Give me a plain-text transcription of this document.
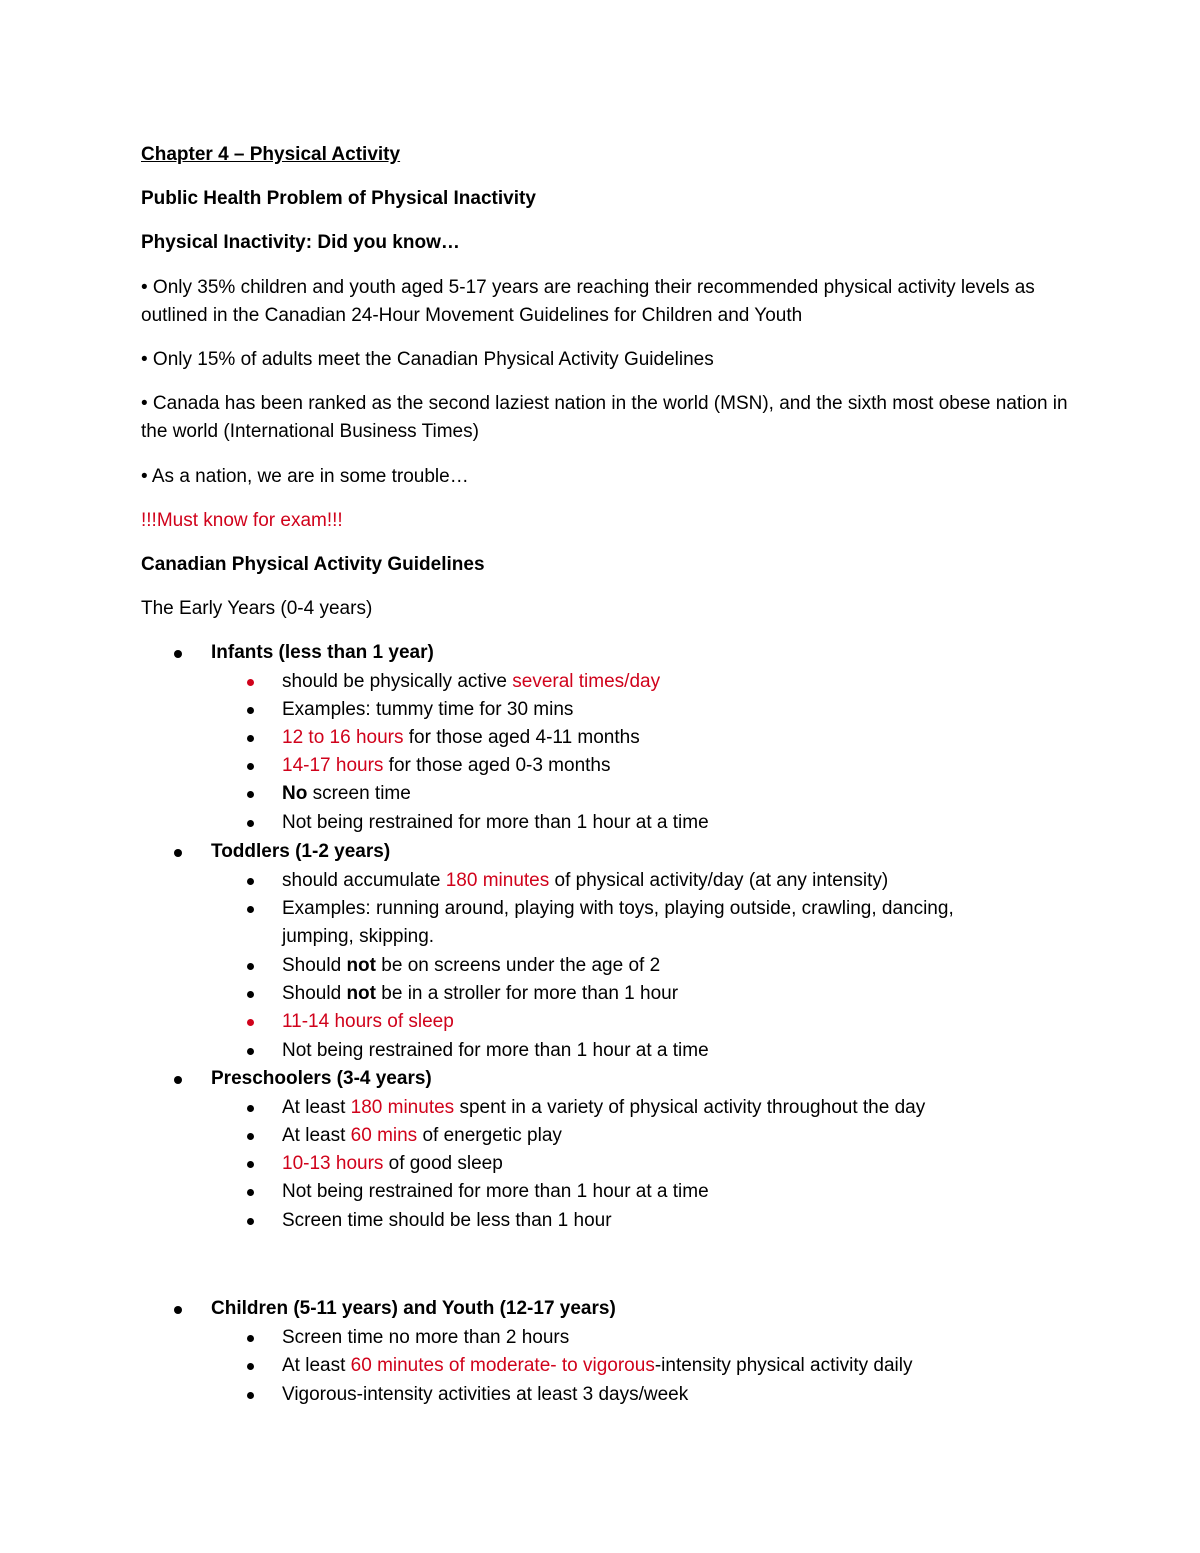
Chapter 4 – Physical Activity

Public Health Problem of Physical Inactivity

Physical Inactivity: Did you know…

• Only 35% children and youth aged 5-17 years are reaching their recommended physical activity levels as outlined in the Canadian 24-Hour Movement Guidelines for Children and Youth

• Only 15% of adults meet the Canadian Physical Activity Guidelines

• Canada has been ranked as the second laziest nation in the world (MSN), and the sixth most obese nation in the world (International Business Times)

• As a nation, we are in some trouble…

!!!Must know for exam!!!

Canadian Physical Activity Guidelines

The Early Years (0-4 years)

Infants (less than 1 year)
should be physically active several times/day
Examples: tummy time for 30 mins
12 to 16 hours for those aged 4-11 months
14-17 hours for those aged 0-3 months
No screen time
Not being restrained for more than 1 hour at a time
Toddlers (1-2 years)
should accumulate 180 minutes of physical activity/day (at any intensity)
Examples: running around, playing with toys, playing outside, crawling, dancing, jumping, skipping.
Should not be on screens under the age of 2
Should not be in a stroller for more than 1 hour
11-14 hours of sleep
Not being restrained for more than 1 hour at a time
Preschoolers (3-4 years)
At least 180 minutes spent in a variety of physical activity throughout the day
At least 60 mins of energetic play
10-13 hours of good sleep
Not being restrained for more than 1 hour at a time
Screen time should be less than 1 hour
Children (5-11 years) and Youth (12-17 years)
Screen time no more than 2 hours
At least 60 minutes of moderate- to vigorous-intensity physical activity daily
Vigorous-intensity activities at least 3 days/week
